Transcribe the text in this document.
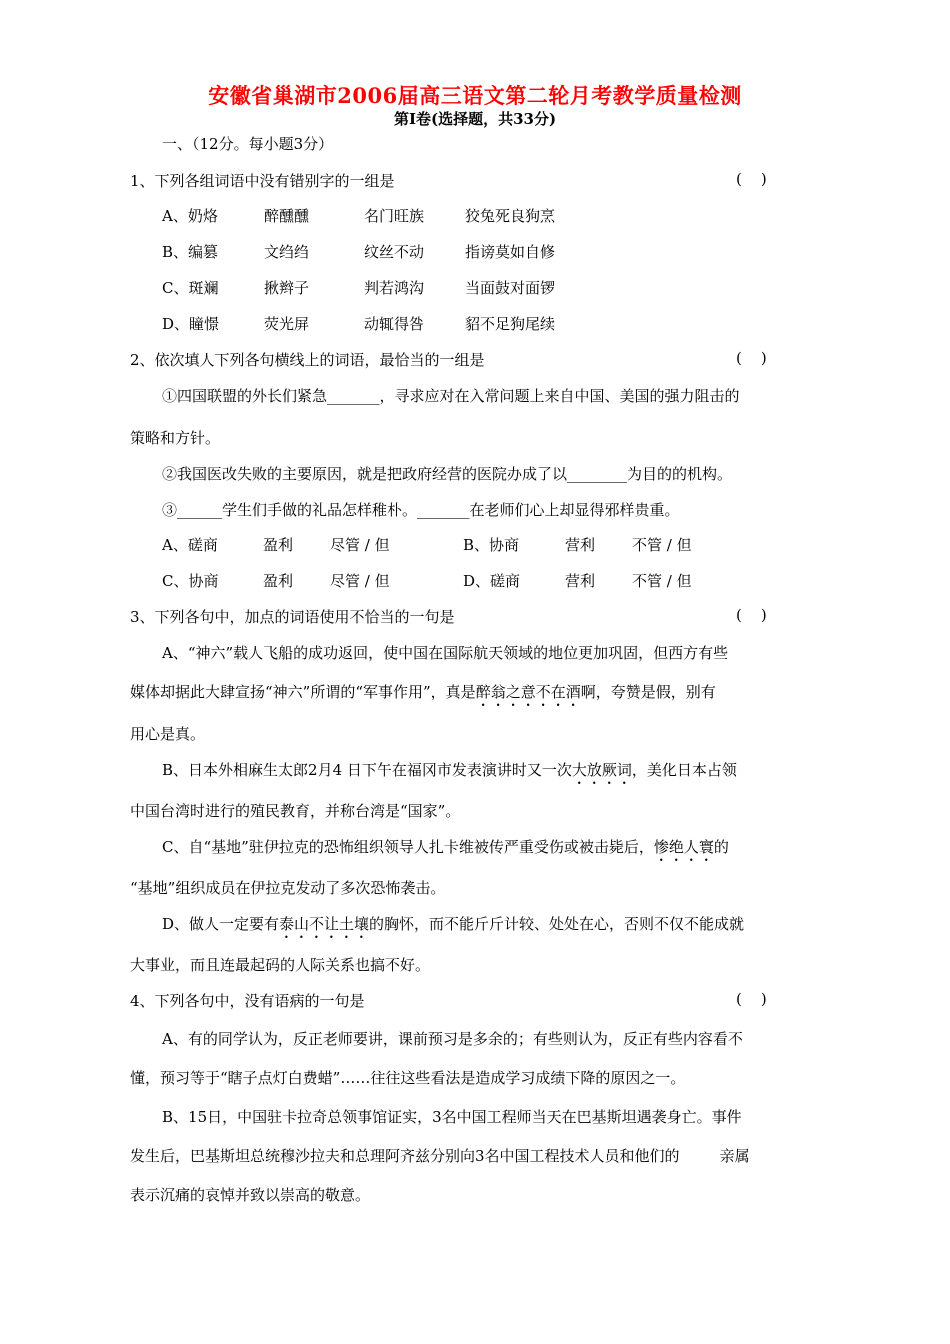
安徽省巢湖市2006届高三语文第二轮月考教学质量检测
第Ⅰ卷(选择题，共33分)
一、（12分。每小题3分）
1、下列各组词语中没有错别字的一组是	(    )
A、奶烙	醉醺醺	名门旺族	狡兔死良狗烹
B、编篡	文绉绉	纹丝不动	指谤莫如自修
C、斑斓	揪辫子	判若鸿沟	当面鼓对面锣
D、瞳憬	荧光屏	动辄得咎	貂不足狗尾续
2、依次填人下列各句横线上的词语，最恰当的一组是	(    )
①四国联盟的外长们紧急_______，寻求应对在入常问题上来自中国、美国的强力阻击的
策略和方针。
②我国医改失败的主要原因，就是把政府经营的医院办成了以________为目的的机构。
③______学生们手做的礼品怎样稚朴。_______在老师们心上却显得邪样贵重。
A、磋商	盈利 尽管 / 但	B、协商	营利 不管 / 但
C、协商	盈利 尽管 / 但	D、磋商	营利 不管 / 但
3、下列各句中，加点的词语使用不恰当的一句是	(    )
A、“神六”载人飞船的成功返回，使中国在国际航天领域的地位更加巩固，但西方有些
媒体却据此大肆宣扬“神六”所谓的“军事作用”，真是醉翁之意不在酒啊，夸赞是假，别有
用心是真。
B、日本外相麻生太郎2月4 日下午在福冈市发表演讲时又一次大放厥词，美化日本占领
中国台湾时进行的殖民教育，并称台湾是“国家”。
C、自“基地”驻伊拉克的恐怖组织领导人扎卡维被传严重受伤或被击毙后，惨绝人寰的
“基地”组织成员在伊拉克发动了多次恐怖袭击。
D、做人一定要有泰山不让土壤的胸怀，而不能斤斤计较、处处在心，否则不仅不能成就
大事业，而且连最起码的人际关系也搞不好。
4、下列各句中，没有语病的一句是	(    )
A、有的同学认为，反正老师要讲，课前预习是多余的；有些则认为，反正有些内容看不
懂，预习等于“瞎子点灯白费蜡”……往往这些看法是造成学习成绩下降的原因之一。
B、15日，中国驻卡拉奇总领事馆证实，3名中国工程师当天在巴基斯坦遇袭身亡。事件
发生后，巴基斯坦总统穆沙拉夫和总理阿齐兹分别向3名中国工程技术人员和他们的	亲属
表示沉痛的哀悼并致以崇高的敬意。
